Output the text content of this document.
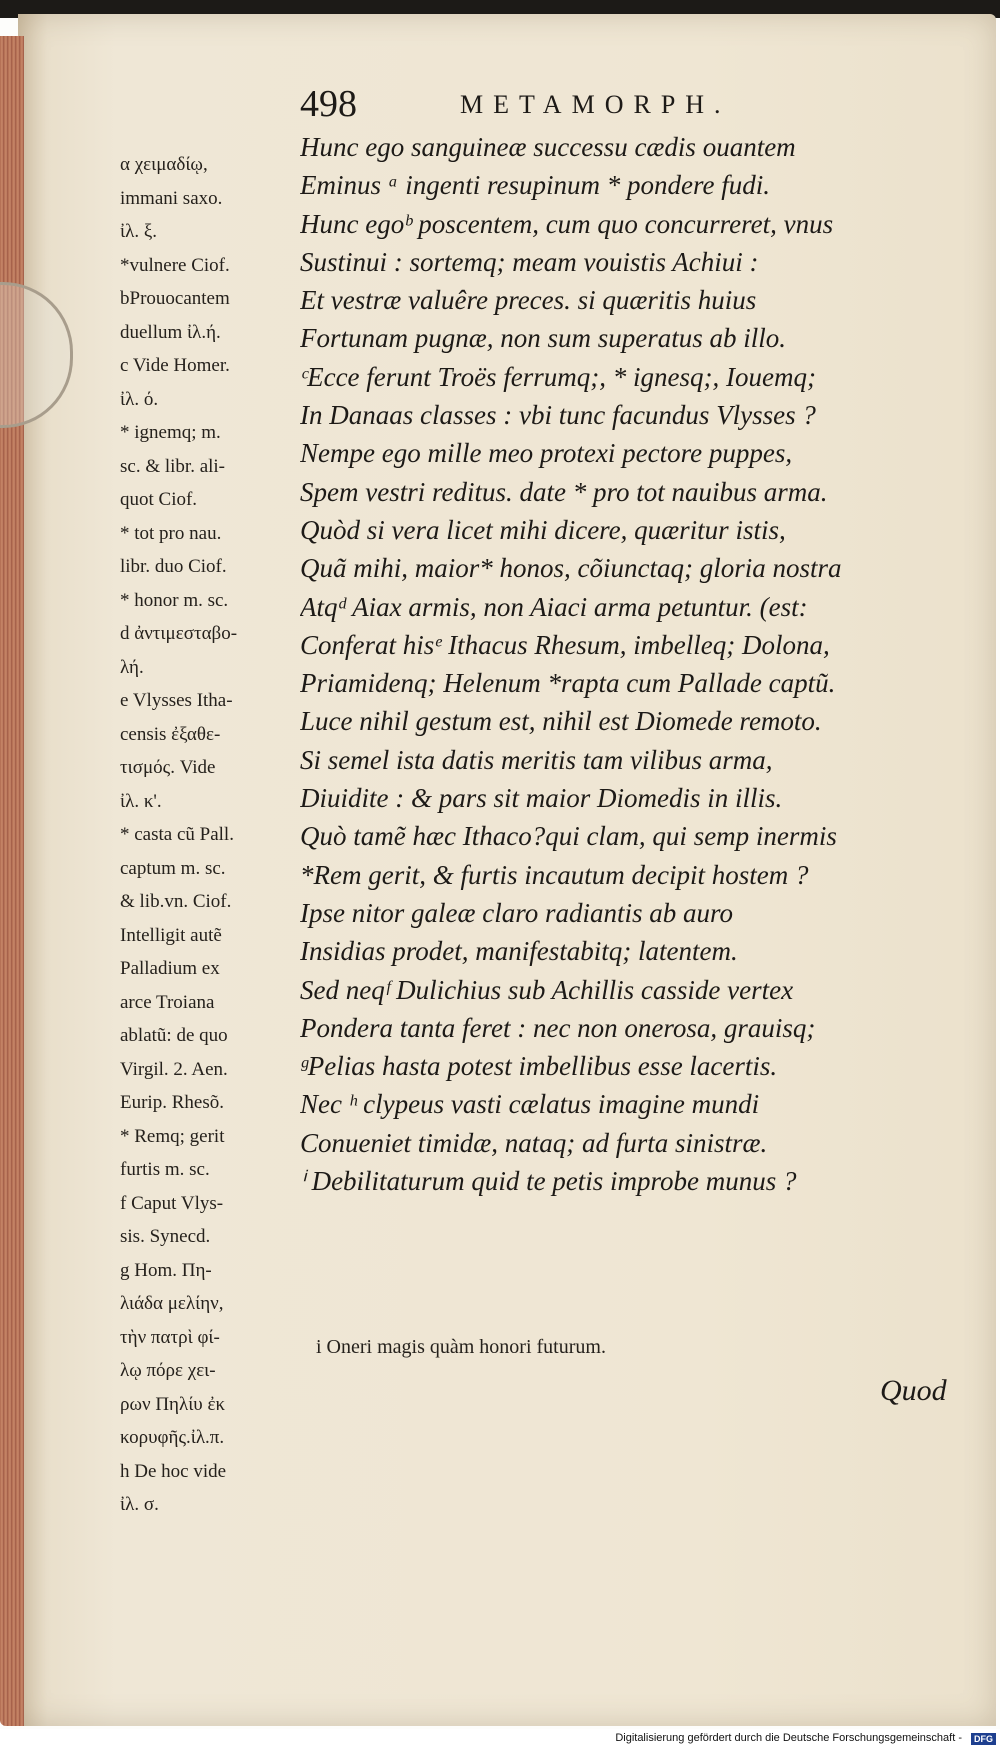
498	METAMORPH.
α χειμαδίῳ,
immani saxo.
ἰλ. ξ.
*vulnere Ciof.
bProuocantem
duellum ἰλ.ή.
c Vide Homer.
ἰλ. ό.
* ignemq; m.
sc. & libr. ali-
quot Ciof.
* tot pro nau.
libr. duo Ciof.
* honor m. sc.
d ἀντιμεσταβο-
λή.
e Vlysses Itha-
censis ἐξαθε-
τισμός. Vide
ἰλ. κ'.
* casta cũ Pall.
captum m. sc.
& lib.vn. Ciof.
Intelligit autẽ
Palladium ex
arce Troiana
ablatũ: de quo
Virgil. 2. Aen.
Eurip. Rhesõ.
* Remq; gerit
furtis m. sc.
f Caput Vlys-
sis. Synecd.
g Hom. Πη-
λιάδα μελίην,
τὴν πατρὶ φί-
λῳ πόρε χει-
ρων Πηλίυ ἐκ
κορυφῆς.ἰλ.π.
h De hoc vide
ἰλ. σ.
Hunc ego sanguineæ successu cædis ouantem
Eminus ᵃ ingenti resupinum * pondere fudi.
Hunc egoᵇ poscentem, cum quo concurreret, vnus
Sustinui : sortemq; meam vouistis Achiui :
Et vestræ valuêre preces. si quæritis huius
Fortunam pugnæ, non sum superatus ab illo.
ᶜEcce ferunt Troës ferrumq;, * ignesq;, Iouemq;
In Danaas classes : vbi tunc facundus Vlysses ?
Nempe ego mille meo protexi pectore puppes,
Spem vestri reditus. date * pro tot nauibus arma.
Quòd si vera licet mihi dicere, quæritur istis,
Quã mihi, maior* honos, cõiunctaq; gloria nostra
Atqᵈ Aiax armis, non Aiaci arma petuntur. (est:
Conferat hisᵉ Ithacus Rhesum, imbelleq; Dolona,
Priamidenq; Helenum *rapta cum Pallade captũ.
Luce nihil gestum est, nihil est Diomede remoto.
Si semel ista datis meritis tam vilibus arma,
Diuidite : & pars sit maior Diomedis in illis.
Quò tamẽ hæc Ithaco?qui clam, qui semp inermis
*Rem gerit, & furtis incautum decipit hostem ?
Ipse nitor galeæ claro radiantis ab auro
Insidias prodet, manifestabitq; latentem.
Sed neqᶠ Dulichius sub Achillis casside vertex
Pondera tanta feret : nec non onerosa, grauisq;
ᵍPelias hasta potest imbellibus esse lacertis.
Nec ʰ clypeus vasti cælatus imagine mundi
Conueniet timidæ, nataq; ad furta sinistræ.
ⁱ Debilitaturum quid te petis improbe munus ?
i Oneri magis quàm honori futurum.
Quod
Digitalisierung gefördert durch die Deutsche Forschungsgemeinschaft -	DFG
